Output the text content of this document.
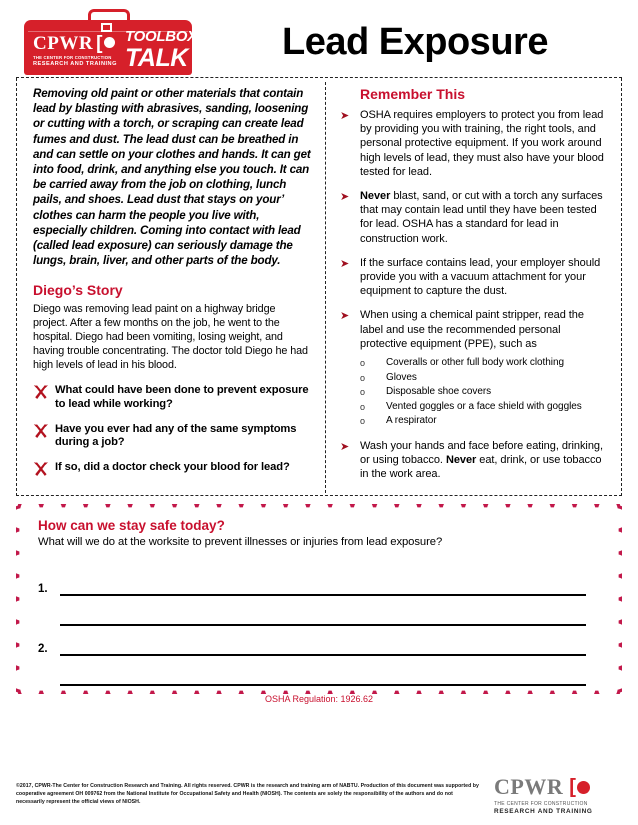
CPWR [
THE CENTER FOR CONSTRUCTION
RESEARCH AND TRAINING
TOOLBOX
TALK	Lead Exposure

Removing old paint or other materials that contain lead by blasting with abrasives, sanding, loosening or cutting with a torch, or scraping can create lead fumes and dust. The lead dust can be breathed in and can settle on your clothes and hands. It can get into food, drink, and anything else you touch. It can be carried away from the job on clothing, lunch pails, and shoes. Lead dust that stays on your’ clothes can harm the people you live with, especially children. Coming into contact with lead (called lead exposure) can seriously damage the lungs, brain, liver, and other parts of the body.

Diego’s Story

Diego was removing lead paint on a highway bridge project. After a few months on the job, he went to the hospital. Diego had been vomiting, losing weight, and having trouble concentrating. The doctor told Diego he had high levels of lead in his blood.

What could have been done to prevent exposure to lead while working?
Have you ever had any of the same symptoms during a job?
If so, did a doctor check your blood for lead?
Remember This
➤ OSHA requires employers to protect you from lead by providing you with training, the right tools, and personal protective equipment. If you work around high levels of lead, they must also have your blood tested for lead.
➤ Never blast, sand, or cut with a torch any surfaces that may contain lead until they have been tested for lead. OSHA has a standard for lead in construction work.
➤ If the surface contains lead, your employer should provide you with a vacuum attachment for your equipment to capture the dust.
➤ When using a chemical paint stripper, read the label and use the recommended personal protective equipment (PPE), such as
o	Coveralls or other full body work clothing
o	Gloves
o	Disposable shoe covers
o	Vented goggles or a face shield with goggles
o	A respirator
➤ Wash your hands and face before eating, drinking, or using tobacco. Never eat, drink, or use tobacco in the work area.
How can we stay safe today?
What will we do at the worksite to prevent illnesses or injuries from lead exposure?
1.
2.
OSHA Regulation: 1926.62
©2017, CPWR-The Center for Construction Research and Training. All rights reserved. CPWR is the research and training arm of NABTU. Production of this document was supported by cooperative agreement OH 009762 from the National Institute for Occupational Safety and Health (NIOSH). The contents are solely the responsibility of the authors and do not necessarily represent the official views of NIOSH.
CPWR [
THE CENTER FOR CONSTRUCTION
RESEARCH AND TRAINING
